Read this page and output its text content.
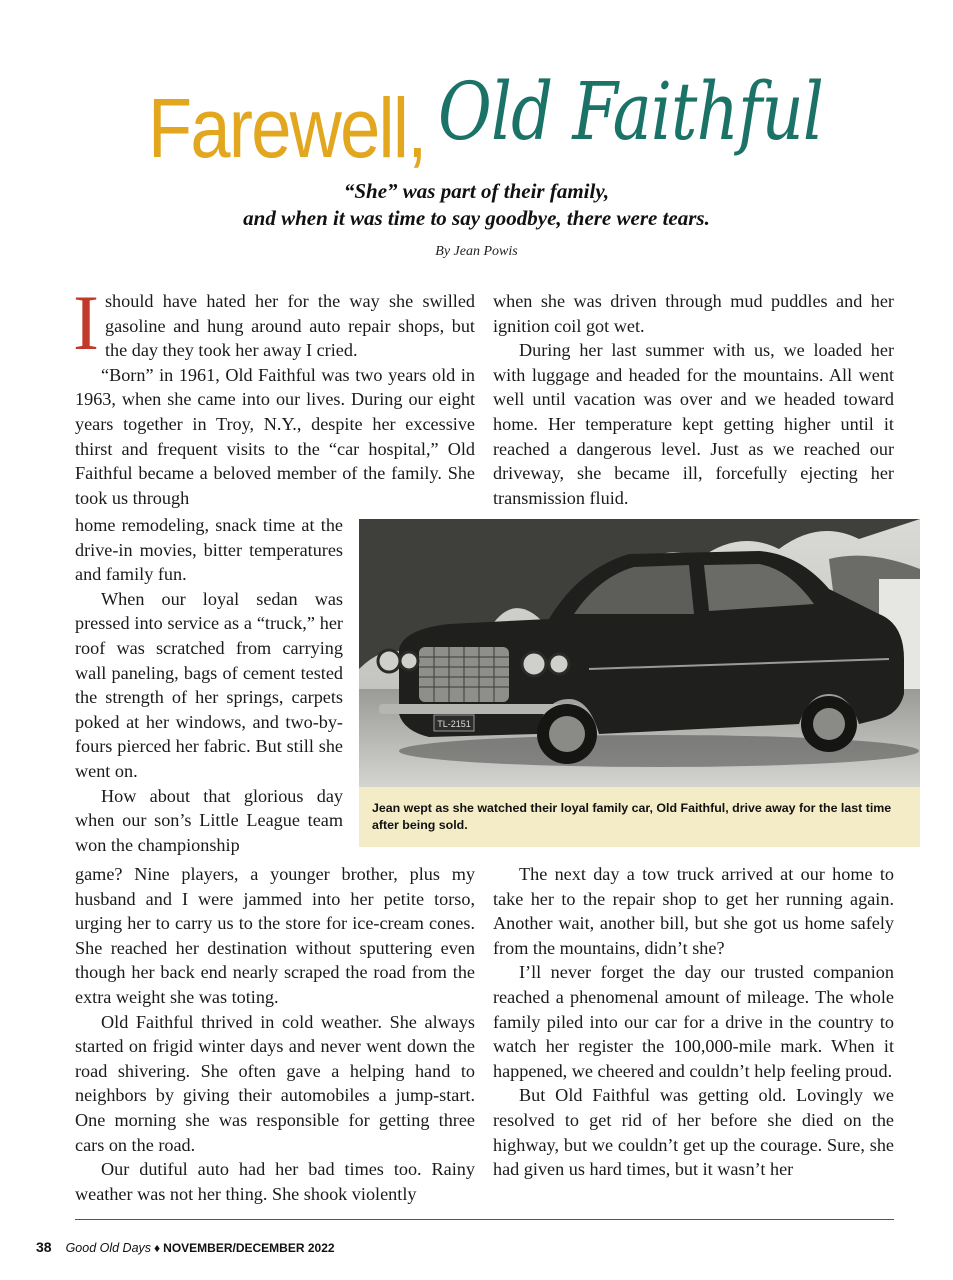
Farewell, Old Faithful
“She” was part of their family,
and when it was time to say goodbye, there were tears.
By Jean Powis

Ishould have hated her for the way she swilled gasoline and hung around auto repair shops, but the day they took her away I cried.

“Born” in 1961, Old Faithful was two years old in 1963, when she came into our lives. During our eight years together in Troy, N.Y., despite her excessive thirst and frequent visits to the “car hospital,” Old Faithful became a beloved member of the family. She took us through

home remodeling, snack time at the drive-in movies, bitter temperatures and family fun.

When our loyal sedan was pressed into service as a “truck,” her roof was scratched from carrying wall paneling, bags of cement tested the strength of her springs, carpets poked at her windows, and two-by-fours pierced her fabric. But still she went on.

How about that glorious day when our son’s Little League team won the championship

game? Nine players, a younger brother, plus my husband and I were jammed into her petite torso, urging her to carry us to the store for ice-cream cones. She reached her destination without sputtering even though her back end nearly scraped the road from the extra weight she was toting.

Old Faithful thrived in cold weather. She always started on frigid winter days and never went down the road shivering. She often gave a helping hand to neighbors by giving their automobiles a jump-start. One morning she was responsible for getting three cars on the road.

Our dutiful auto had her bad times too. Rainy weather was not her thing. She shook violently

when she was driven through mud puddles and her ignition coil got wet.

During her last summer with us, we loaded her with luggage and headed for the mountains. All went well until vacation was over and we headed toward home. Her temperature kept getting higher until it reached a dangerous level. Just as we reached our driveway, she became ill, forcefully ejecting her transmission fluid.

TL-2151
Jean wept as she watched their loyal family car, Old Faithful, drive away for the last time after being sold.

The next day a tow truck arrived at our home to take her to the repair shop to get her running again. Another wait, another bill, but she got us home safely from the mountains, didn’t she?

I’ll never forget the day our trusted companion reached a phenomenal amount of mileage. The whole family piled into our car for a drive in the country to watch her register the 100,000-mile mark. When it happened, we cheered and couldn’t help feeling proud.

But Old Faithful was getting old. Lovingly we resolved to get rid of her before she died on the highway, but we couldn’t get up the courage. Sure, she had given us hard times, but it wasn’t her

38 Good Old Days ♦ NOVEMBER/DECEMBER 2022
